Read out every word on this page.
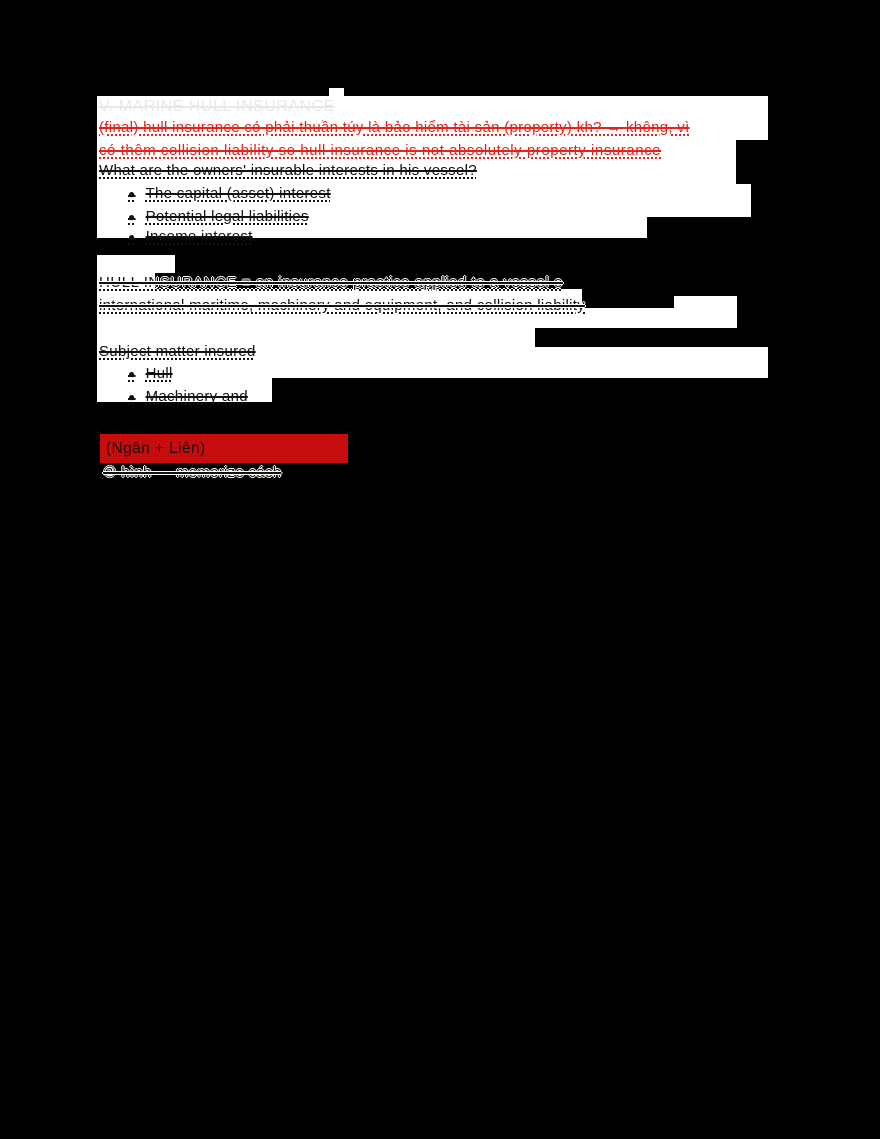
V. MARINE HULL INSURANCE
(final) hull insurance có phải thuần túy là bảo hiểm tài sản (property) kh? → không, vì
có thêm collision liability so hull insurance is not absolutely property insurance
What are the owners' insurable interests in his vessel?
● The capital (asset) interest
● Potential legal liabilities
● Income interest
HULL INSURANCE = an insurance practice applied to a vessel o
international maritime, machinery and equipment, and collision liability
Subject matter insured
● Hull
● Machinery and
(Ngân + Liên)
② hình — memorize cách
